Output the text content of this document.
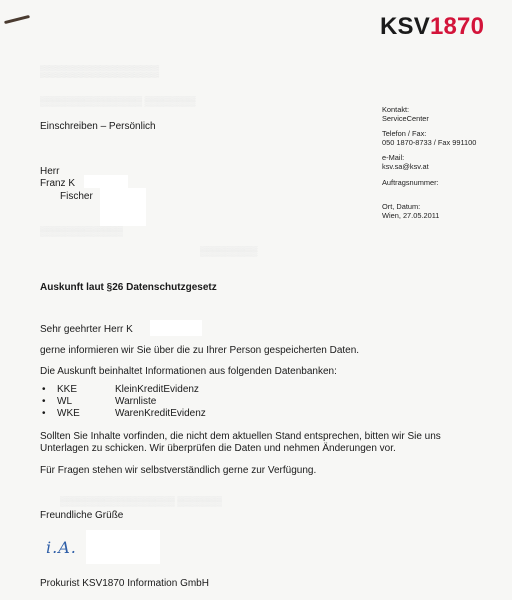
▒▒▒▒▒▒▒▒▒▒▒▒▒▒
▒▒▒▒▒▒▒▒▒▒▒▒▒▒▒▒ ▒▒▒▒▒▒▒▒
▒▒▒▒▒▒▒▒▒▒▒▒▒
▒▒▒▒▒▒▒▒▒
▒▒▒▒▒▒▒▒▒▒▒▒▒▒▒▒▒▒ ▒▒▒▒▒▒▒
KSV1870
Kontakt:
ServiceCenter
Telefon / Fax:
050 1870-8733 / Fax 991100
e-Mail:
ksv.sa@ksv.at
Auftragsnummer:
Ort, Datum:
Wien, 27.05.2011
Einschreiben – Persönlich
Herr
Franz K
Fischer
Auskunft laut §26 Datenschutzgesetz
Sehr geehrter Herr K
gerne informieren wir Sie über die zu Ihrer Person gespeicherten Daten.
Die Auskunft beinhaltet Informationen aus folgenden Datenbanken:
• KKE	KleinKreditEvidenz
• WL	Warnliste
• WKE	WarenKreditEvidenz
Sollten Sie Inhalte vorfinden, die nicht dem aktuellen Stand entsprechen, bitten wir Sie uns
Unterlagen zu schicken. Wir überprüfen die Daten und nehmen Änderungen vor.
Für Fragen stehen wir selbstverständlich gerne zur Verfügung.
Freundliche Grüße
i.A.
Prokurist KSV1870 Information GmbH
